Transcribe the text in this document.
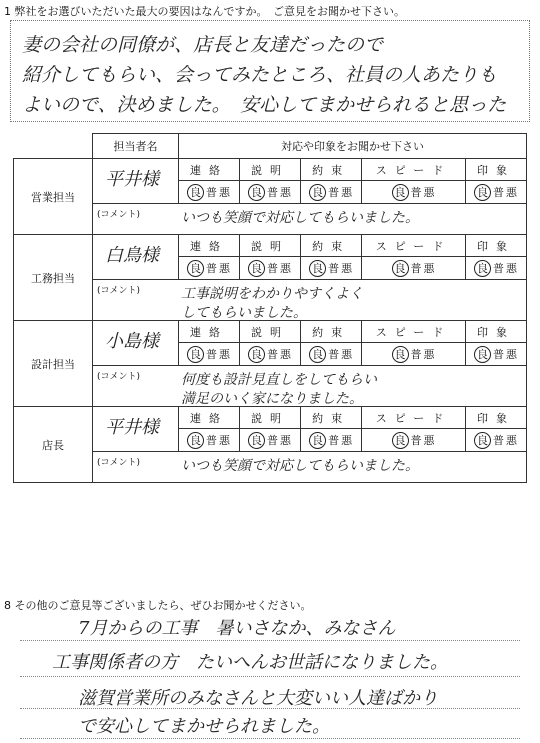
1 弊社をお選びいただいた最大の要因はなんですか。　ご意見をお聞かせ下さい。
妻の会社の同僚が、店長と友達だったので
紹介してもらい、会ってみたところ、社員の人あたりも
よいので、決めました。　安心してまかせられると思った
	担当者名	対応や印象をお聞かせ下さい				
営業担当	平井様	連絡	説明	約束	スピード	印象
		良 普 悪	良 普 悪	良 普 悪	良 普 悪	良 普 悪

	(コメント) いつも笑顔で対応してもらいました。					

工務担当	白鳥様	連絡	説明	約束	スピード	印象
		良 普 悪	良 普 悪	良 普 悪	良 普 悪	良 普 悪

	(コメント) 工事説明をわかりやすくよく
してもらいました。					

設計担当	小島様	連絡	説明	約束	スピード	印象
		良 普 悪	良 普 悪	良 普 悪	良 普 悪	良 普 悪

	(コメント) 何度も設計見直しをしてもらい
満足のいく家になりました。					

店長	平井様	連絡	説明	約束	スピード	印象
		良 普 悪	良 普 悪	良 普 悪	良 普 悪	良 普 悪

	(コメント) いつも笑顔で対応してもらいました。					
8 その他のご意見等ございましたら、ぜひお聞かせください。
7月からの工事　暑いさなか、みなさん
工事関係者の方　たいへんお世話になりました。
滋賀営業所のみなさんと大変いい人達ばかり
で安心してまかせられました。
